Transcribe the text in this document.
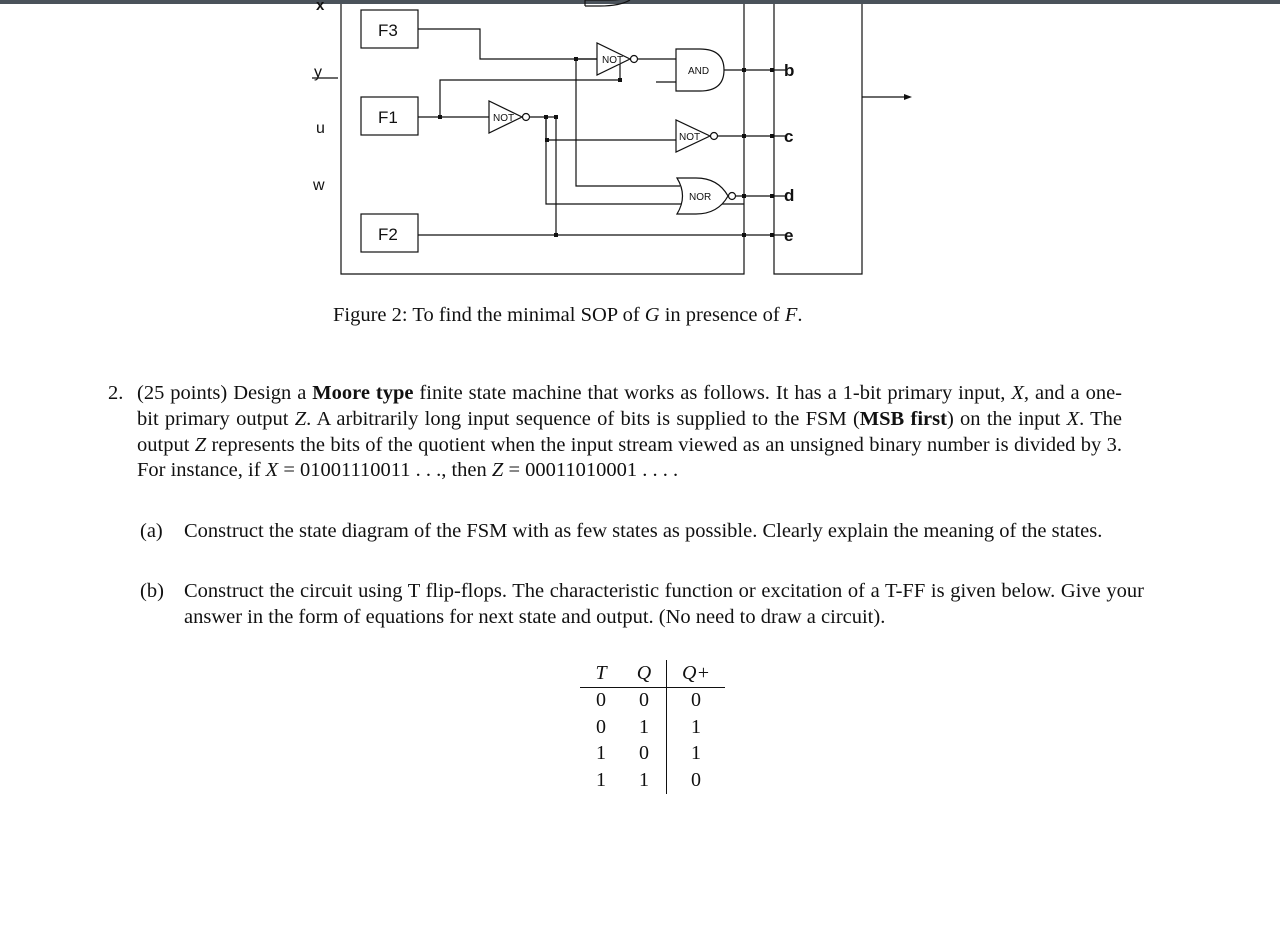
x
y
u
w
F3
F1
F2
NOT
NOT
AND
NOT
NOR
b
c
d
e
Figure 2: To find the minimal SOP of G in presence of F.
2. (25 points) Design a Moore type finite state machine that works as follows. It has a 1-bit primary input, X, and a one-bit primary output Z. A arbitrarily long input sequence of bits is supplied to the FSM (MSB first) on the input X. The output Z represents the bits of the quotient when the input stream viewed as an unsigned binary number is divided by 3. For instance, if X = 01001110011 . . ., then Z = 00011010001 . . . .
(a) Construct the state diagram of the FSM with as few states as possible. Clearly explain the meaning of the states.
(b) Construct the circuit using T flip-flops. The characteristic function or excitation of a T-FF is given below. Give your answer in the form of equations for next state and output. (No need to draw a circuit).
T	Q	Q+
0	0	0
0	1	1
1	0	1
1	1	0
